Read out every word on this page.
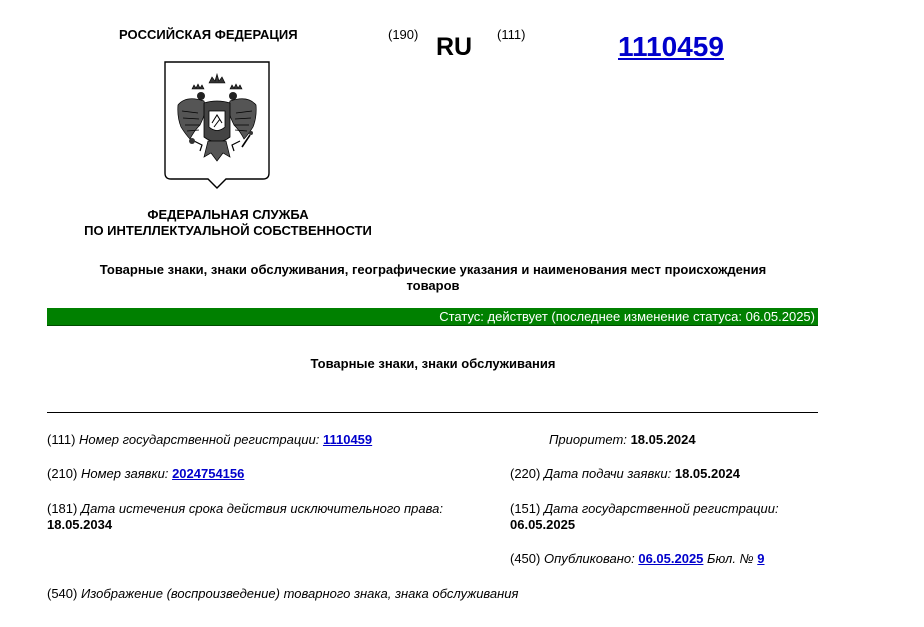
РОССИЙСКАЯ ФЕДЕРАЦИЯ	(190) RU (111)	1110459
ФЕДЕРАЛЬНАЯ СЛУЖБА
ПО ИНТЕЛЛЕКТУАЛЬНОЙ СОБСТВЕННОСТИ
Товарные знаки, знаки обслуживания, географические указания и наименования мест происхождения
товаров
Статус: действует (последнее изменение статуса: 06.05.2025)
Товарные знаки, знаки обслуживания
(111) Номер государственной регистрации: 1110459	Приоритет: 18.05.2024
(210) Номер заявки: 2024754156	(220) Дата подачи заявки: 18.05.2024
(181) Дата истечения срока действия исключительного права:
18.05.2034
(151) Дата государственной регистрации:
06.05.2025
(450) Опубликовано: 06.05.2025 Бюл. № 9
(540) Изображение (воспроизведение) товарного знака, знака обслуживания
